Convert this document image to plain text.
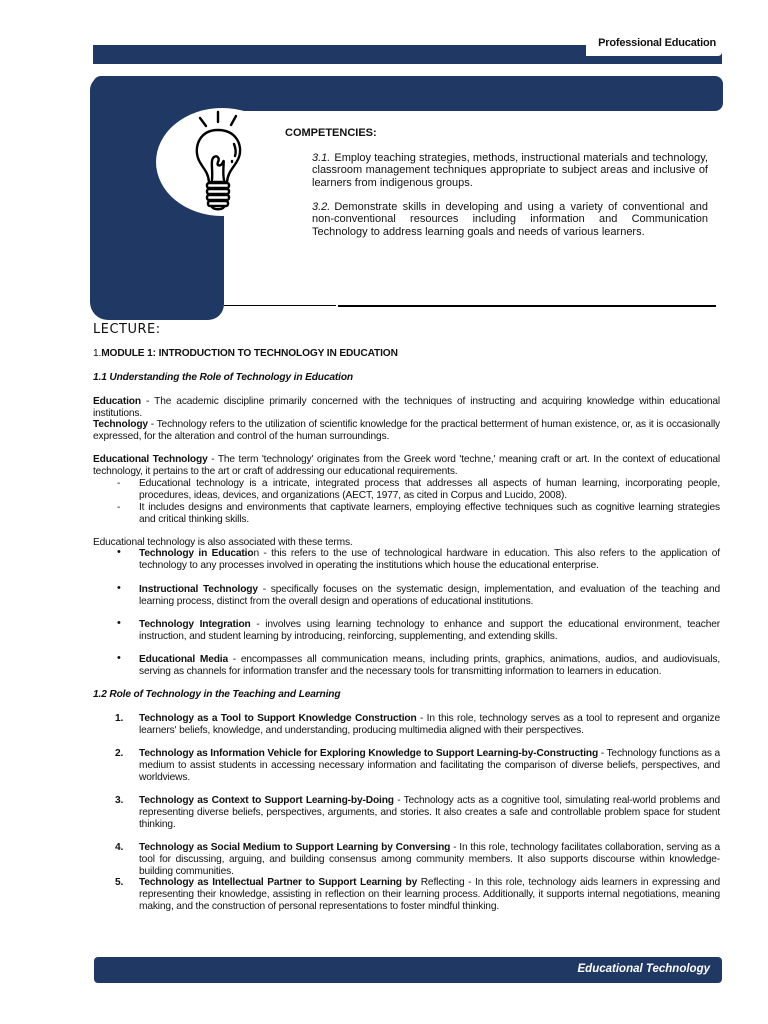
Professional Education
COMPETENCIES:
3.1. Employ teaching strategies, methods, instructional materials and technology, classroom management techniques appropriate to subject areas and inclusive of learners from indigenous groups.
3.2. Demonstrate skills in developing and using a variety of conventional and non-conventional resources including information and Communication Technology to address learning goals and needs of various learners.
LECTURE:
1.MODULE 1: INTRODUCTION TO TECHNOLOGY IN EDUCATION
1.1 Understanding the Role of Technology in Education
Education - The academic discipline primarily concerned with the techniques of instructing and acquiring knowledge within educational institutions.
Technology - Technology refers to the utilization of scientific knowledge for the practical betterment of human existence, or, as it is occasionally expressed, for the alteration and control of the human surroundings.
Educational Technology - The term 'technology' originates from the Greek word 'techne,' meaning craft or art. In the context of educational technology, it pertains to the art or craft of addressing our educational requirements.
- Educational technology is a intricate, integrated process that addresses all aspects of human learning, incorporating people, procedures, ideas, devices, and organizations (AECT, 1977, as cited in Corpus and Lucido, 2008).
- It includes designs and environments that captivate learners, employing effective techniques such as cognitive learning strategies and critical thinking skills.
Educational technology is also associated with these terms.
• Technology in Education - this refers to the use of technological hardware in education. This also refers to the application of technology to any processes involved in operating the institutions which house the educational enterprise.
• Instructional Technology - specifically focuses on the systematic design, implementation, and evaluation of the teaching and learning process, distinct from the overall design and operations of educational institutions.
• Technology Integration - involves using learning technology to enhance and support the educational environment, teacher instruction, and student learning by introducing, reinforcing, supplementing, and extending skills.
• Educational Media - encompasses all communication means, including prints, graphics, animations, audios, and audiovisuals, serving as channels for information transfer and the necessary tools for transmitting information to learners in education.
1.2 Role of Technology in the Teaching and Learning
1. Technology as a Tool to Support Knowledge Construction - In this role, technology serves as a tool to represent and organize learners' beliefs, knowledge, and understanding, producing multimedia aligned with their perspectives.
2. Technology as Information Vehicle for Exploring Knowledge to Support Learning-by-Constructing - Technology functions as a medium to assist students in accessing necessary information and facilitating the comparison of diverse beliefs, perspectives, and worldviews.
3. Technology as Context to Support Learning-by-Doing - Technology acts as a cognitive tool, simulating real-world problems and representing diverse beliefs, perspectives, arguments, and stories. It also creates a safe and controllable problem space for student thinking.
4. Technology as Social Medium to Support Learning by Conversing - In this role, technology facilitates collaboration, serving as a tool for discussing, arguing, and building consensus among community members. It also supports discourse within knowledge-building communities.
5. Technology as Intellectual Partner to Support Learning by Reflecting - In this role, technology aids learners in expressing and representing their knowledge, assisting in reflection on their learning process. Additionally, it supports internal negotiations, meaning making, and the construction of personal representations to foster mindful thinking.
Educational Technology
